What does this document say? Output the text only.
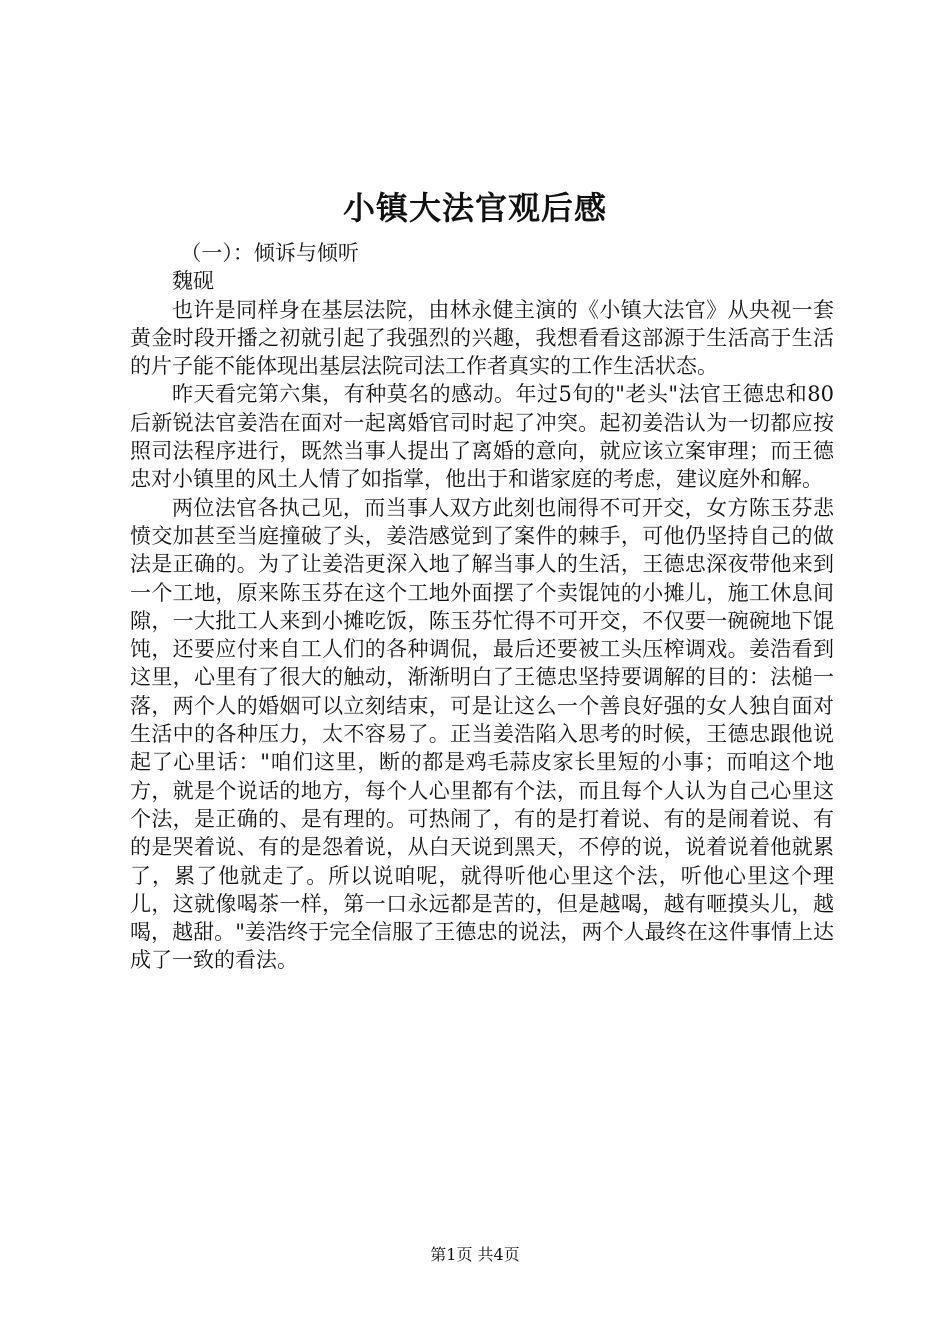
小镇大法官观后感

（一）：倾诉与倾听

魏砚

也许是同样身在基层法院，由林永健主演的《小镇大法官》从央视一套黄金时段开播之初就引起了我强烈的兴趣，我想看看这部源于生活高于生活的片子能不能体现出基层法院司法工作者真实的工作生活状态。

昨天看完第六集，有种莫名的感动。年过5旬的"老头"法官王德忠和80后新锐法官姜浩在面对一起离婚官司时起了冲突。起初姜浩认为一切都应按照司法程序进行，既然当事人提出了离婚的意向，就应该立案审理；而王德忠对小镇里的风土人情了如指掌，他出于和谐家庭的考虑，建议庭外和解。

两位法官各执己见，而当事人双方此刻也闹得不可开交，女方陈玉芬悲愤交加甚至当庭撞破了头，姜浩感觉到了案件的棘手，可他仍坚持自己的做法是正确的。为了让姜浩更深入地了解当事人的生活，王德忠深夜带他来到一个工地，原来陈玉芬在这个工地外面摆了个卖馄饨的小摊儿，施工休息间隙，一大批工人来到小摊吃饭，陈玉芬忙得不可开交，不仅要一碗碗地下馄饨，还要应付来自工人们的各种调侃，最后还要被工头压榨调戏。姜浩看到这里，心里有了很大的触动，渐渐明白了王德忠坚持要调解的目的：法槌一落，两个人的婚姻可以立刻结束，可是让这么一个善良好强的女人独自面对生活中的各种压力，太不容易了。正当姜浩陷入思考的时候，王德忠跟他说起了心里话："咱们这里，断的都是鸡毛蒜皮家长里短的小事；而咱这个地方，就是个说话的地方，每个人心里都有个法，而且每个人认为自己心里这个法，是正确的、是有理的。可热闹了，有的是打着说、有的是闹着说、有的是哭着说、有的是怨着说，从白天说到黑天，不停的说，说着说着他就累了，累了他就走了。所以说咱呢，就得听他心里这个法，听他心里这个理儿，这就像喝茶一样，第一口永远都是苦的，但是越喝，越有咂摸头儿，越喝，越甜。"姜浩终于完全信服了王德忠的说法，两个人最终在这件事情上达成了一致的看法。

第1页 共4页
